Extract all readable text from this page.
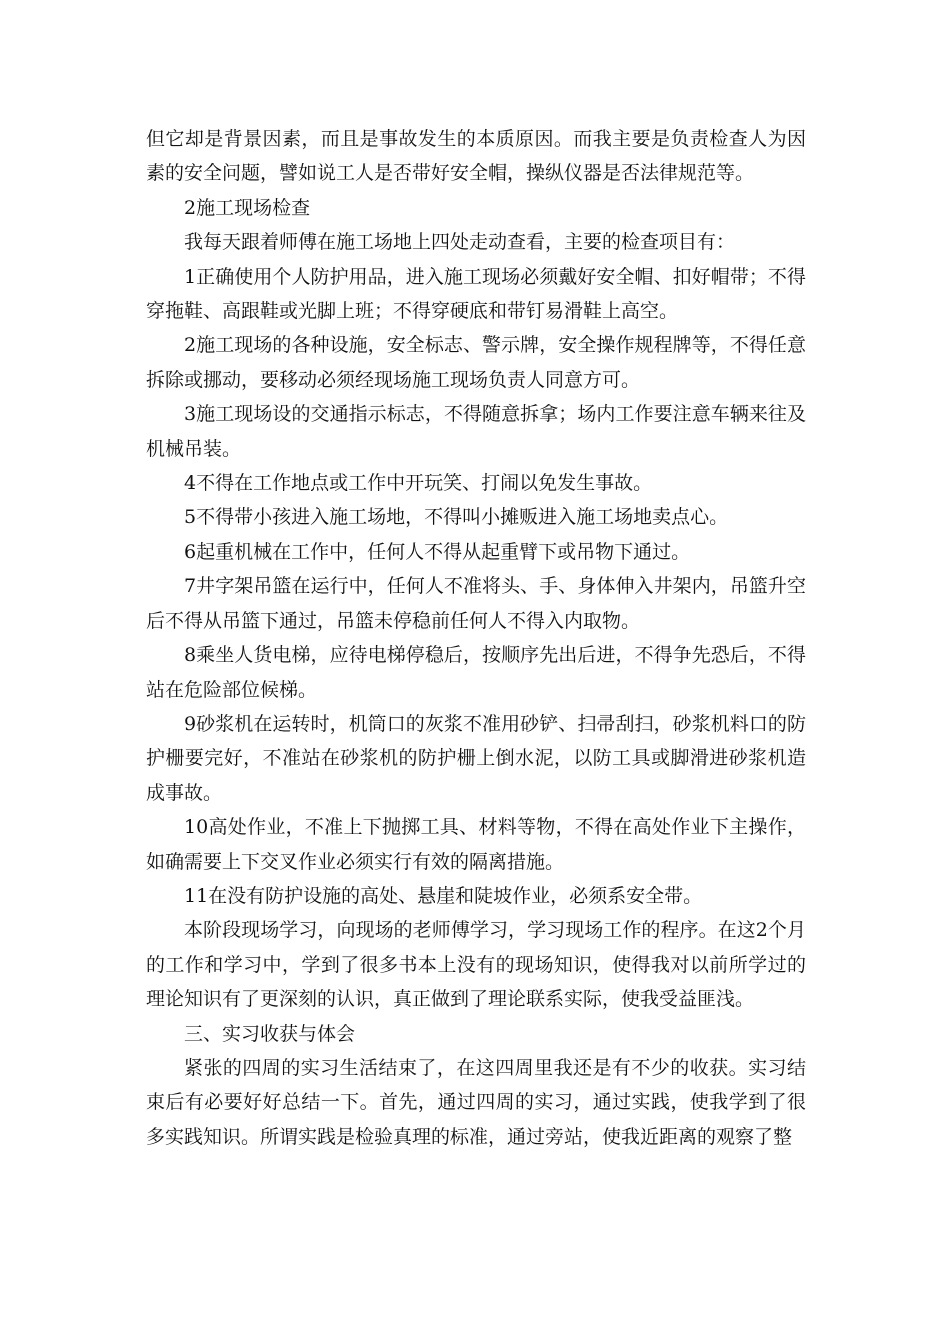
但它却是背景因素，而且是事故发生的本质原因。而我主要是负责检查人为因素的安全问题，譬如说工人是否带好安全帽，操纵仪器是否法律规范等。

2施工现场检查

我每天跟着师傅在施工场地上四处走动查看，主要的检查项目有：

1正确使用个人防护用品，进入施工现场必须戴好安全帽、扣好帽带；不得穿拖鞋、高跟鞋或光脚上班；不得穿硬底和带钉易滑鞋上高空。

2施工现场的各种设施，安全标志、警示牌，安全操作规程牌等，不得任意拆除或挪动，要移动必须经现场施工现场负责人同意方可。

3施工现场设的交通指示标志，不得随意拆拿；场内工作要注意车辆来往及机械吊装。

4不得在工作地点或工作中开玩笑、打闹以免发生事故。

5不得带小孩进入施工场地，不得叫小摊贩进入施工场地卖点心。

6起重机械在工作中，任何人不得从起重臂下或吊物下通过。

7井字架吊篮在运行中，任何人不准将头、手、身体伸入井架内，吊篮升空后不得从吊篮下通过，吊篮未停稳前任何人不得入内取物。

8乘坐人货电梯，应待电梯停稳后，按顺序先出后进，不得争先恐后，不得站在危险部位候梯。

9砂浆机在运转时，机筒口的灰浆不准用砂铲、扫帚刮扫，砂浆机料口的防护栅要完好，不准站在砂浆机的防护栅上倒水泥，以防工具或脚滑进砂浆机造成事故。

10高处作业，不准上下抛掷工具、材料等物，不得在高处作业下主操作，如确需要上下交叉作业必须实行有效的隔离措施。

11在没有防护设施的高处、悬崖和陡坡作业，必须系安全带。

本阶段现场学习，向现场的老师傅学习，学习现场工作的程序。在这2个月的工作和学习中，学到了很多书本上没有的现场知识，使得我对以前所学过的理论知识有了更深刻的认识，真正做到了理论联系实际，使我受益匪浅。

三、实习收获与体会

紧张的四周的实习生活结束了，在这四周里我还是有不少的收获。实习结束后有必要好好总结一下。首先，通过四周的实习，通过实践，使我学到了很多实践知识。所谓实践是检验真理的标准，通过旁站，使我近距离的观察了整
